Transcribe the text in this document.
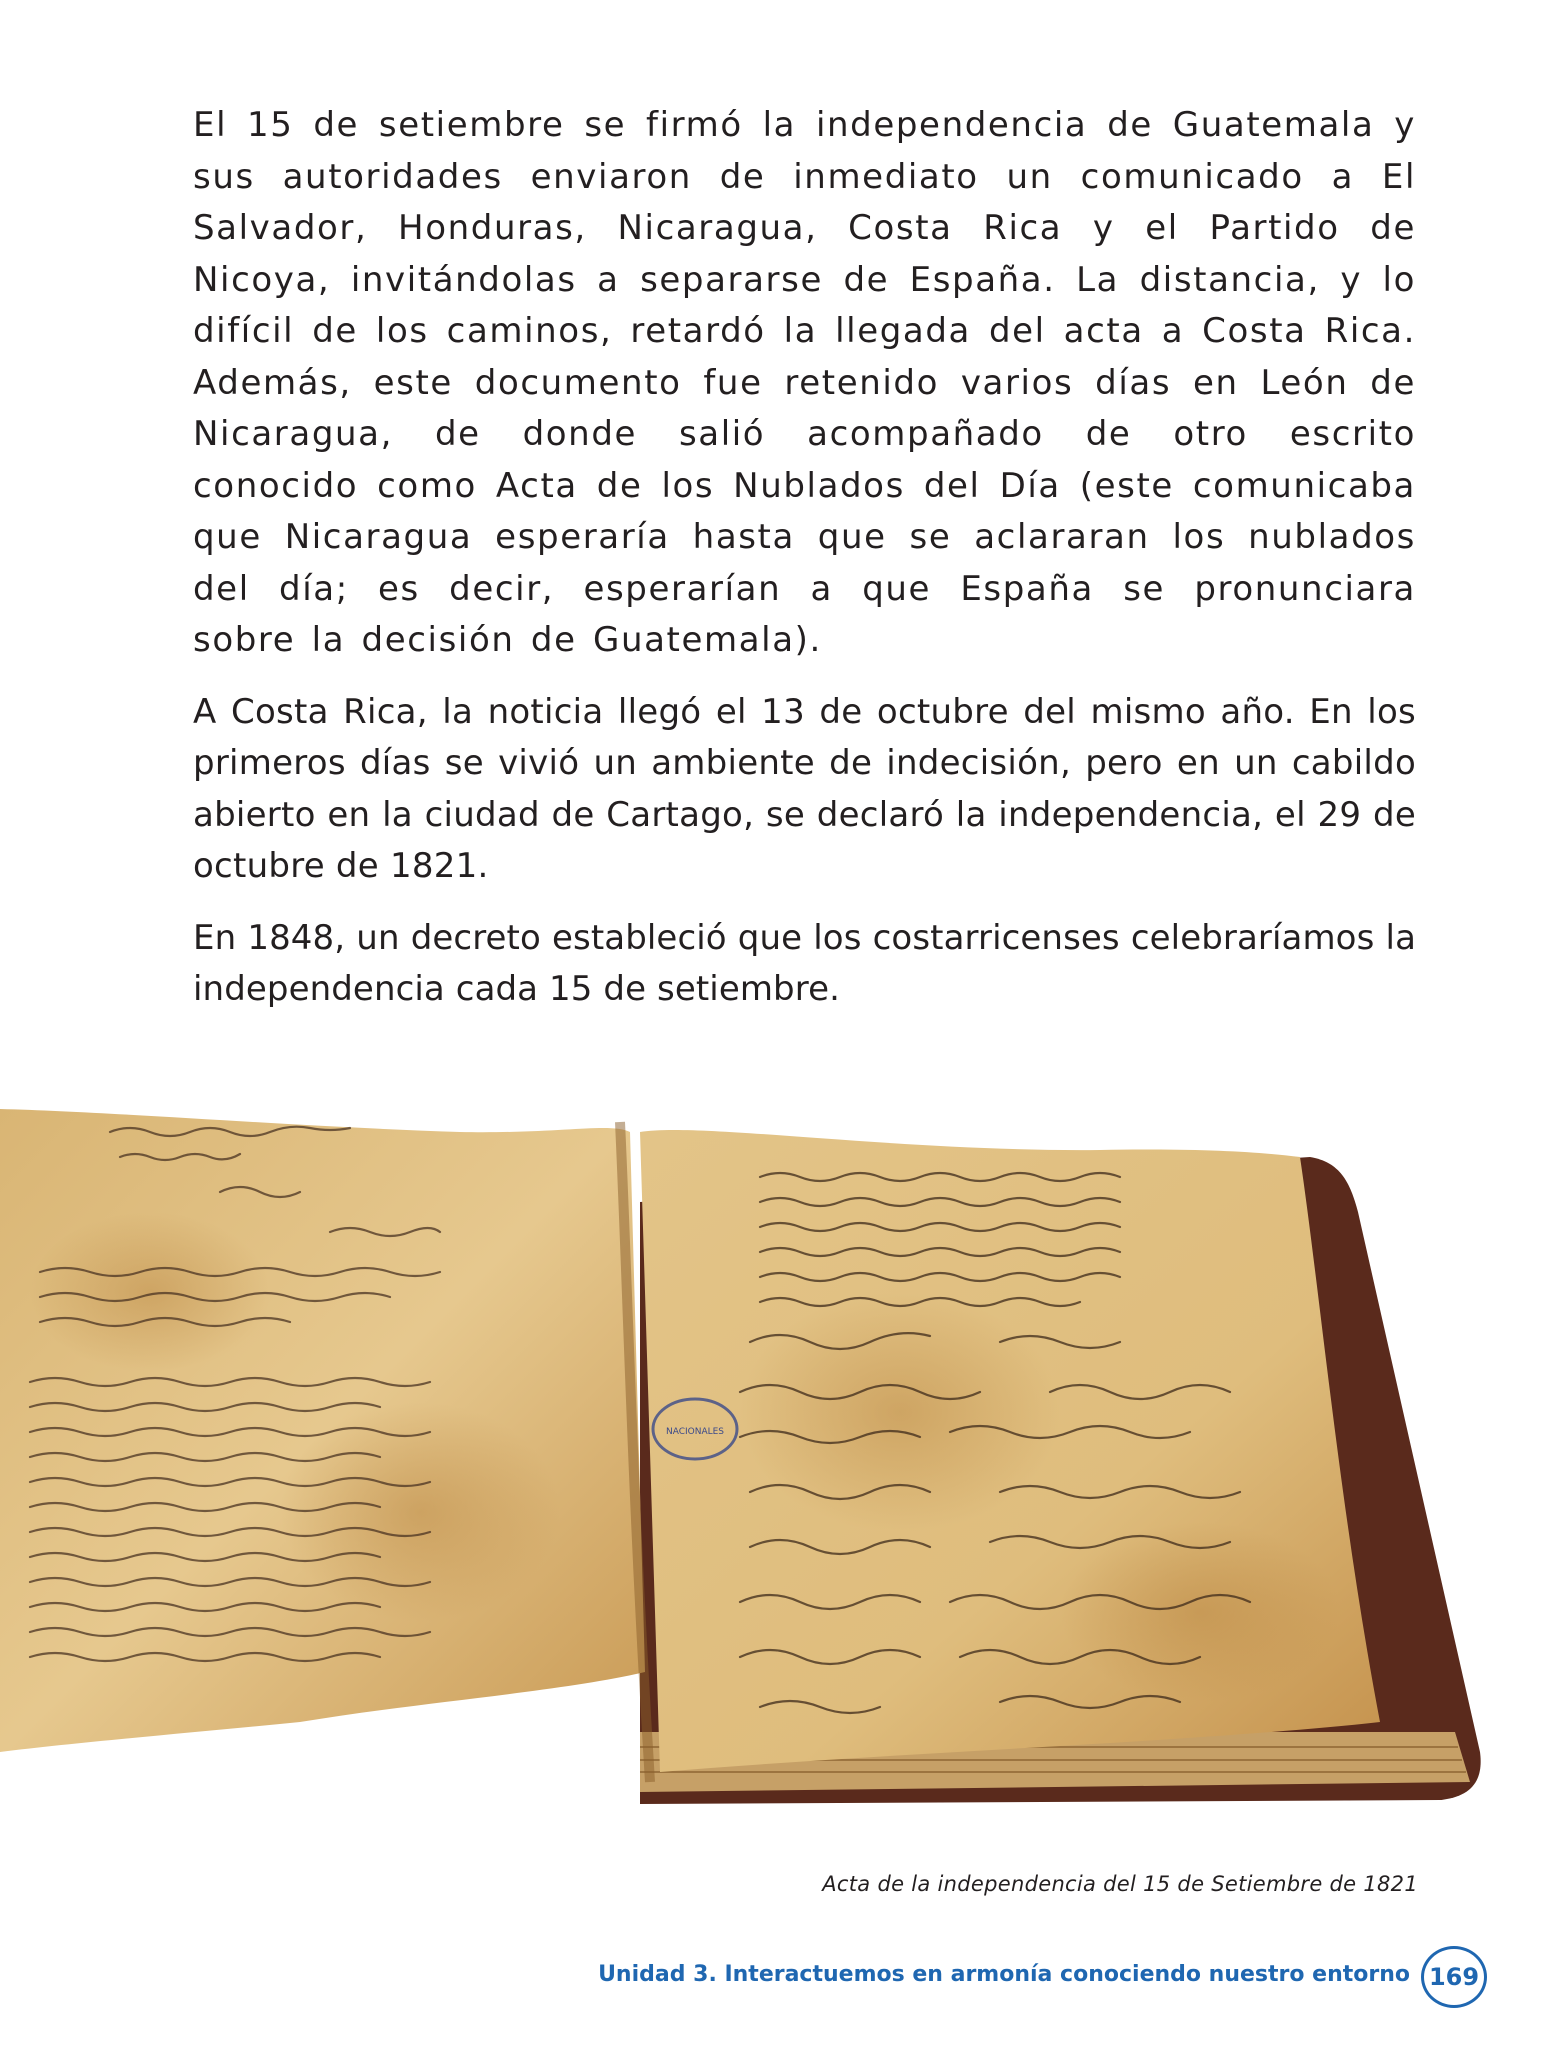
El 15 de setiembre se firmó la independencia de Guatemala y sus autoridades enviaron de inmediato un comunicado a El Salvador, Honduras, Nicaragua, Costa Rica y el Partido de Nicoya, invitándolas a separarse de España. La distancia, y lo difícil de los caminos, retardó la llegada del acta a Costa Rica. Además, este documento fue retenido varios días en León de Nicaragua, de donde salió acompañado de otro escrito conocido como Acta de los Nublados del Día (este comunicaba que Nicaragua esperaría hasta que se aclararan los nublados del día; es decir, esperarían a que España se pronunciara sobre la decisión de Guatemala).

A Costa Rica, la noticia llegó el 13 de octubre del mismo año. En los primeros días se vivió un ambiente de indecisión, pero en un cabildo abierto en la ciudad de Cartago, se declaró la independencia, el 29 de octubre de 1821.

En 1848, un decreto estableció que los costarricenses celebraríamos la independencia cada 15 de setiembre.

NACIONALES
Acta de la independencia del 15 de Setiembre de 1821
Unidad 3. Interactuemos en armonía conociendo nuestro entorno 169
